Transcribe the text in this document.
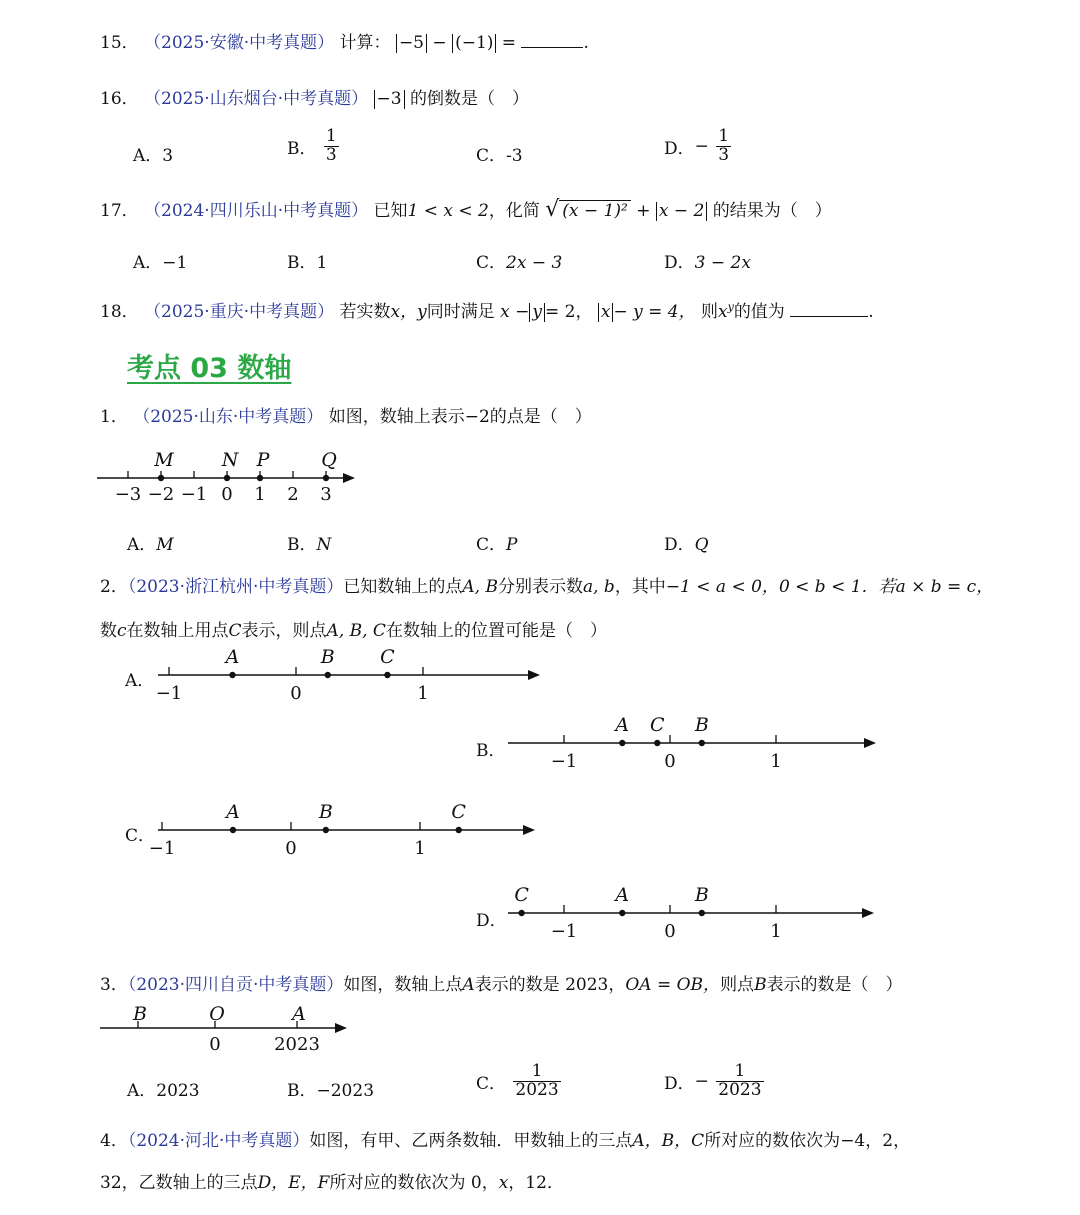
15． （2025·安徽·中考真题） 计算： −5 − (−1) =	.
16． （2025·山东烟台·中考真题） −3 的倒数是（　）
A．3	B． $\frac{1}{3}$	C．-3	D．− $\frac{1}{3}$
17． （2024·四川乐山·中考真题） 已知1 < x < 2，化简 √ (x − 1)² + x − 2 的结果为（　）
A．−1	B．1	C．2x − 3	D．3 − 2x
18． （2025·重庆·中考真题） 若实数x，y同时满足 x − y = 2， x − y = 4， 则$x^y$的值为	.
考点 03 数轴
1． （2025·山东·中考真题） 如图，数轴上表示−2的点是（　）
−3 −2 −1 0 1 2 3
M	N P	Q
A．M	B．N	C．P	D．Q
2．（2023·浙江杭州·中考真题）已知数轴上的点A, B分别表示数a, b，其中−1 < a < 0，0 < b < 1．若a × b = c，
数c在数轴上用点C表示，则点A, B, C在数轴上的位置可能是（　）
A．
−1	0	1
A	B C
B．	−1	0	1
A C B
C．
−1	0	1
A	B	C
D． −1	0	1
C	A	B
3．（2023·四川自贡·中考真题）如图，数轴上点A表示的数是 2023，OA = OB，则点B表示的数是（　）
B	O
0
A
2023
A．2023	B．−2023	C． $\frac{1}{2023}$	D．− $\frac{1}{2023}$
4．（2024·河北·中考真题）如图，有甲、乙两条数轴．甲数轴上的三点A，B，C所对应的数依次为−4，2，
32，乙数轴上的三点D，E，F所对应的数依次为 0，x，12．
